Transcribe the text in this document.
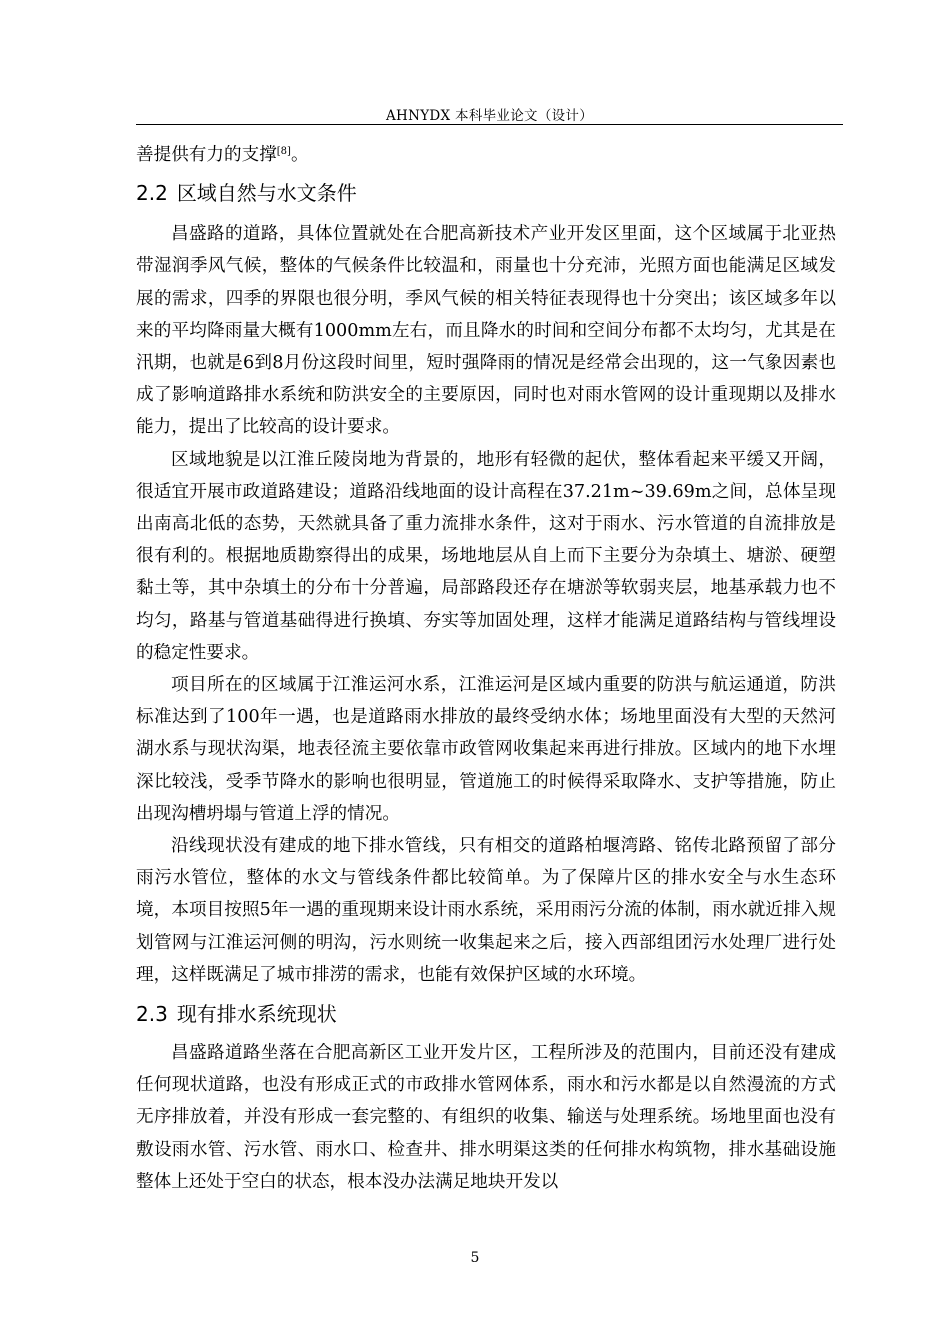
AHNYDX 本科毕业论文（设计）

善提供有力的支撑[8]。

2.2 区域自然与水文条件

昌盛路的道路，具体位置就处在合肥高新技术产业开发区里面，这个区域属于北亚热带湿润季风气候，整体的气候条件比较温和，雨量也十分充沛，光照方面也能满足区域发展的需求，四季的界限也很分明，季风气候的相关特征表现得也十分突出；该区域多年以来的平均降雨量大概有1000mm左右，而且降水的时间和空间分布都不太均匀，尤其是在汛期，也就是6到8月份这段时间里，短时强降雨的情况是经常会出现的，这一气象因素也成了影响道路排水系统和防洪安全的主要原因，同时也对雨水管网的设计重现期以及排水能力，提出了比较高的设计要求。

区域地貌是以江淮丘陵岗地为背景的，地形有轻微的起伏，整体看起来平缓又开阔，很适宜开展市政道路建设；道路沿线地面的设计高程在37.21m~39.69m之间，总体呈现出南高北低的态势，天然就具备了重力流排水条件，这对于雨水、污水管道的自流排放是很有利的。根据地质勘察得出的成果，场地地层从自上而下主要分为杂填土、塘淤、硬塑黏土等，其中杂填土的分布十分普遍，局部路段还存在塘淤等软弱夹层，地基承载力也不均匀，路基与管道基础得进行换填、夯实等加固处理，这样才能满足道路结构与管线埋设的稳定性要求。

项目所在的区域属于江淮运河水系，江淮运河是区域内重要的防洪与航运通道，防洪标准达到了100年一遇，也是道路雨水排放的最终受纳水体；场地里面没有大型的天然河湖水系与现状沟渠，地表径流主要依靠市政管网收集起来再进行排放。区域内的地下水埋深比较浅，受季节降水的影响也很明显，管道施工的时候得采取降水、支护等措施，防止出现沟槽坍塌与管道上浮的情况。

沿线现状没有建成的地下排水管线，只有相交的道路柏堰湾路、铭传北路预留了部分雨污水管位，整体的水文与管线条件都比较简单。为了保障片区的排水安全与水生态环境，本项目按照5年一遇的重现期来设计雨水系统，采用雨污分流的体制，雨水就近排入规划管网与江淮运河侧的明沟，污水则统一收集起来之后，接入西部组团污水处理厂进行处理，这样既满足了城市排涝的需求，也能有效保护区域的水环境。

2.3 现有排水系统现状

昌盛路道路坐落在合肥高新区工业开发片区，工程所涉及的范围内，目前还没有建成任何现状道路，也没有形成正式的市政排水管网体系，雨水和污水都是以自然漫流的方式无序排放着，并没有形成一套完整的、有组织的收集、输送与处理系统。场地里面也没有敷设雨水管、污水管、雨水口、检查井、排水明渠这类的任何排水构筑物，排水基础设施整体上还处于空白的状态，根本没办法满足地块开发以

5
